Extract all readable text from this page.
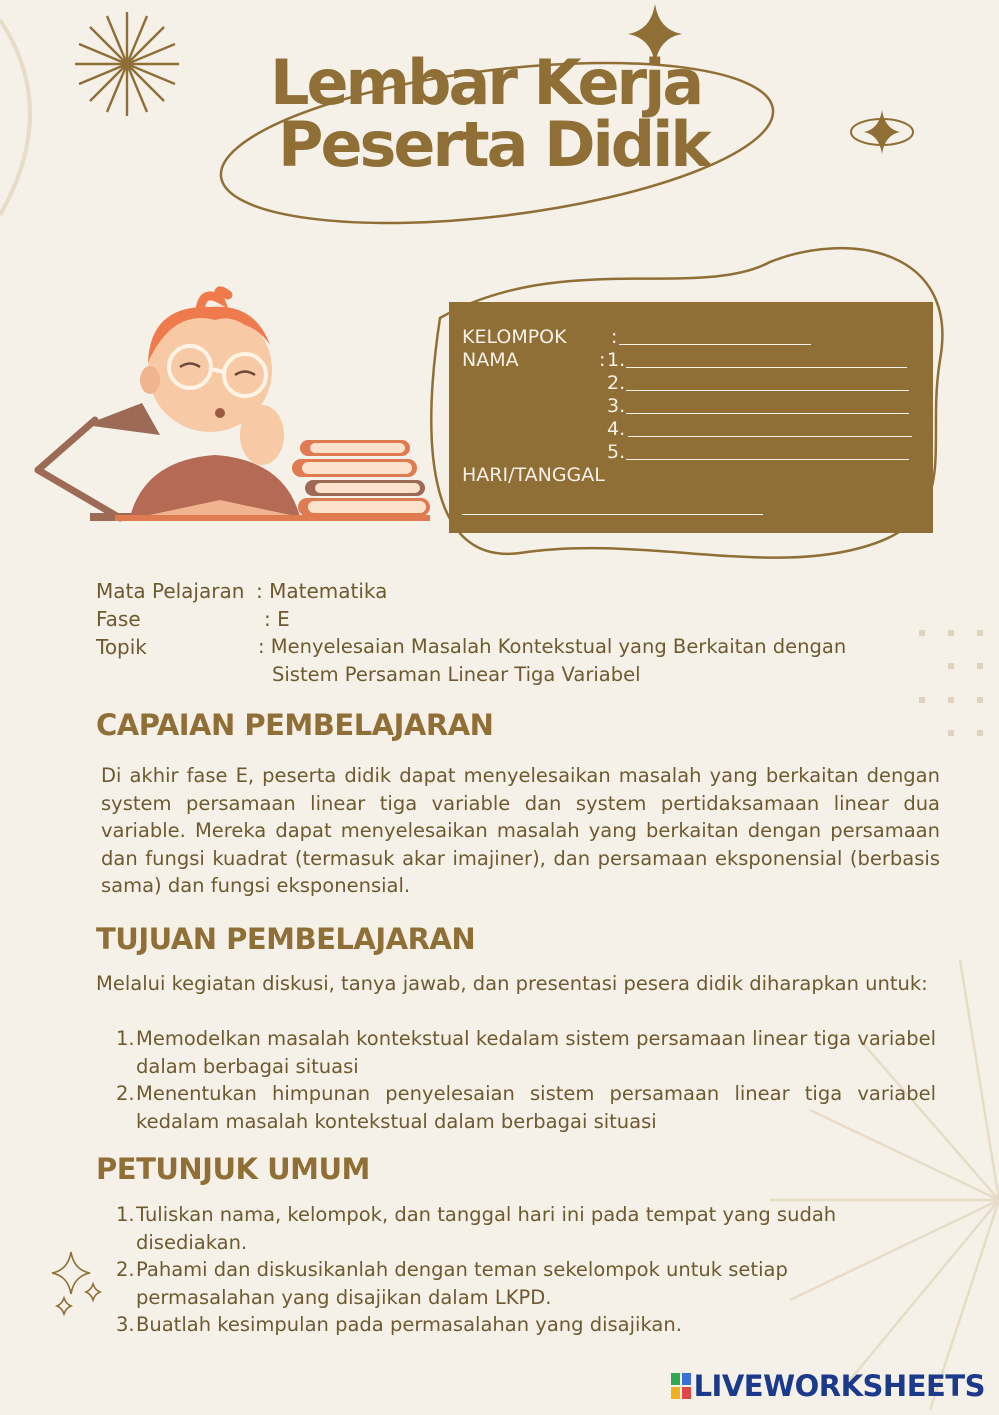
Lembar Kerja
Peserta Didik
KELOMPOK :
NAMA	: 1.
2.
3.
4.
5.
HARI/TANGGAL
Mata Pelajaran : Matematika
Fase	: E
Topik	: Menyelesaian Masalah Kontekstual yang Berkaitan dengan
Sistem Persaman Linear Tiga Variabel
CAPAIAN PEMBELAJARAN
Di akhir fase E, peserta didik dapat menyelesaikan masalah yang berkaitan dengan system persamaan linear tiga variable dan system pertidaksamaan linear dua variable. Mereka dapat menyelesaikan masalah yang berkaitan dengan persamaan dan fungsi kuadrat (termasuk akar imajiner), dan persamaan eksponensial (berbasis sama) dan fungsi eksponensial.
TUJUAN PEMBELAJARAN
Melalui kegiatan diskusi, tanya jawab, dan presentasi pesera didik diharapkan untuk:
1. Memodelkan masalah kontekstual kedalam sistem persamaan linear tiga variabel dalam berbagai situasi
2. Menentukan himpunan penyelesaian sistem persamaan linear tiga variabel kedalam masalah kontekstual dalam berbagai situasi
PETUNJUK UMUM
1. Tuliskan nama, kelompok, dan tanggal hari ini pada tempat yang sudah disediakan.
2. Pahami dan diskusikanlah dengan teman sekelompok untuk setiap permasalahan yang disajikan dalam LKPD.
3. Buatlah kesimpulan pada permasalahan yang disajikan.
LIVEWORKSHEETS
